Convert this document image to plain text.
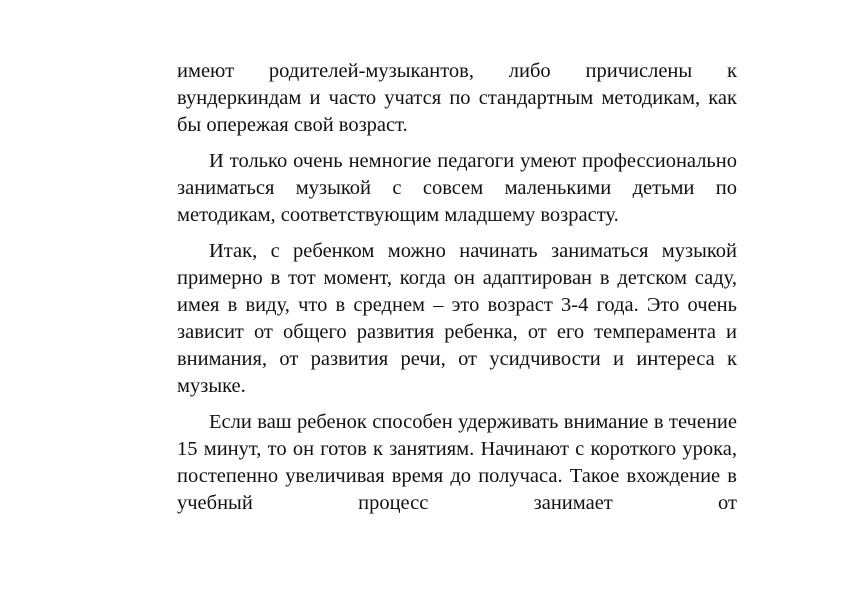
имеют родителей-музыкантов, либо причислены к вундеркиндам и часто учатся по стандартным методикам, как бы опережая свой возраст.

И только очень немногие педагоги умеют профессионально заниматься музыкой с совсем маленькими детьми по методикам, соответствующим младшему возрасту.

Итак, с ребенком можно начинать заниматься музыкой примерно в тот момент, когда он адаптирован в детском саду, имея в виду, что в среднем – это возраст 3-4 года. Это очень зависит от общего развития ребенка, от его темперамента и внимания, от развития речи, от усидчивости и интереса к музыке.

Если ваш ребенок способен удерживать внимание в течение 15 минут, то он готов к занятиям. Начинают с короткого урока, постепенно увеличивая время до получаса. Такое вхождение в учебный процесс занимает от
